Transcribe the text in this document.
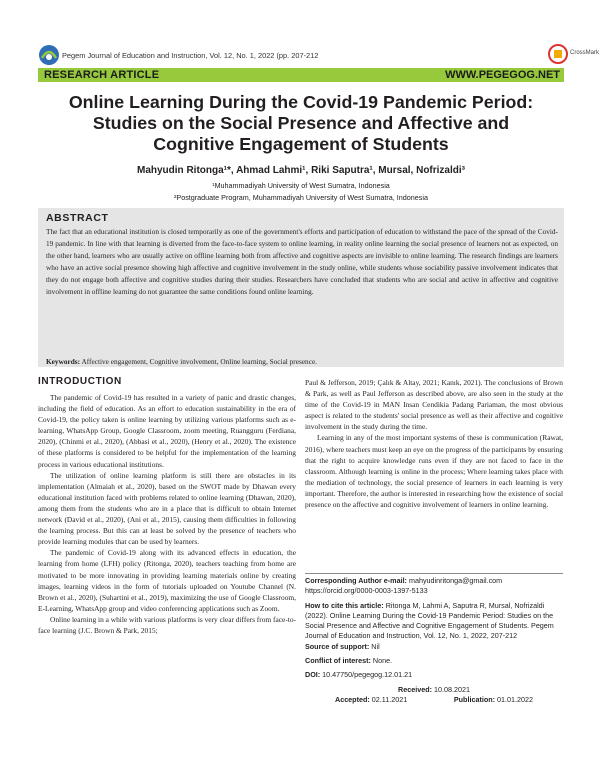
Pegem Journal of Education and Instruction, Vol. 12, No. 1, 2022 (pp. 207-212	CrossMark
RESEARCH ARTICLE	WWW.PEGEGOG.NET
Online Learning During the Covid-19 Pandemic Period:
Studies on the Social Presence and Affective and
Cognitive Engagement of Students
Mahyudin Ritonga¹*, Ahmad Lahmi¹, Riki Saputra¹, Mursal, Nofrizaldi³
¹Muhammadiyah University of West Sumatra, Indonesia
²Postgraduate Program, Muhammadiyah University of West Sumatra, Indonesia
ABSTRACT
The fact that an educational institution is closed temporarily as one of the government's efforts and participation of education to withstand the pace of the spread of the Covid-19 pandemic. In line with that learning is diverted from the face-to-face system to online learning, in reality online learning the social presence of learners not as expected, on the other hand, learners who are usually active on offline learning both from affective and cognitive aspects are invisible to online learning. The research findings are learners who have an active social presence showing high affective and cognitive involvement in the study online, while students whose sociability passive involvement indicates that they do not engage both affective and cognitive studies during their studies. Researchers have concluded that students who are social and active in affective and cognitive involvement in offline learning do not guarantee the same conditions found online learning.
Keywords: Affective engagement, Cognitive involvement, Online learning, Social presence.
INTRODUCTION

The pandemic of Covid-19 has resulted in a variety of panic and drastic changes, including the field of education. As an effort to education sustainability in the era of Covid-19, the policy taken is online learning by utilizing various platforms such as e-learning, WhatsApp Group, Google Classroom, zoom meeting, Ruangguru (Ferdiana, 2020), (Chinmi et al., 2020), (Abbasi et al., 2020), (Henry et al., 2020). The existence of these platforms is considered to be helpful for the implementation of the learning process in various educational institutions.

The utilization of online learning platform is still there are obstacles in its implementation (Almaiah et al., 2020), based on the SWOT made by Dhawan every educational institution faced with problems related to online learning (Dhawan, 2020), among them from the students who are in a place that is difficult to obtain Internet network (David et al., 2020), (Ani et al., 2015), causing them difficulties in following the learning process. But this can at least be solved by the presence of teachers who provide learning modules that can be used by learners.

The pandemic of Covid-19 along with its advanced effects in education, the learning from home (LFH) policy (Ritonga, 2020), teachers teaching from home are motivated to be more innovating in providing learning materials online by creating images, learning videos in the form of tutorials uploaded on Youtube Channel (N. Brown et al., 2020), (Suhartini et al., 2019), maximizing the use of Google Classroom, E-Learning, WhatsApp group and video conferencing applications such as Zoom.

Online learning in a while with various platforms is very clear differs from face-to-face learning (J.C. Brown & Park, 2015;

Paul & Jefferson, 2019; Çalık & Altay, 2021; Kanık, 2021). The conclusions of Brown & Park, as well as Paul Jefferson as described above, are also seen in the study at the time of the Covid-19 in MAN Insan Cendikia Padang Pariaman, the most obvious aspect is related to the students' social presence as well as their affective and cognitive involvement in the study during the time.

Learning in any of the most important systems of these is communication (Rawat, 2016), where teachers must keep an eye on the progress of the participants by ensuring that the right to acquire knowledge runs even if they are not faced to face in the classroom. Although learning is online in the process; Where learning takes place with the mediation of technology, the social presence of learners in each learning is very important. Therefore, the author is interested in researching how the existence of social presence on the affective and cognitive involvement of learners in online learning.

Corresponding Author e-mail: mahyudinritonga@gmail.com
https://orcid.org/0000-0003-1397-5133
How to cite this article: Ritonga M, Lahmi A, Saputra R, Mursal, Nofrizaldi (2022). Online Learning During the Covid-19 Pandemic Period: Studies on the Social Presence and Affective and Cognitive Engagement of Students. Pegem Journal of Education and Instruction, Vol. 12, No. 1, 2022, 207-212
Source of support: Nil
Conflict of interest: None.
DOI: 10.47750/pegegog.12.01.21
Received: 10.08.2021
Accepted: 02.11.2021	Publication: 01.01.2022
